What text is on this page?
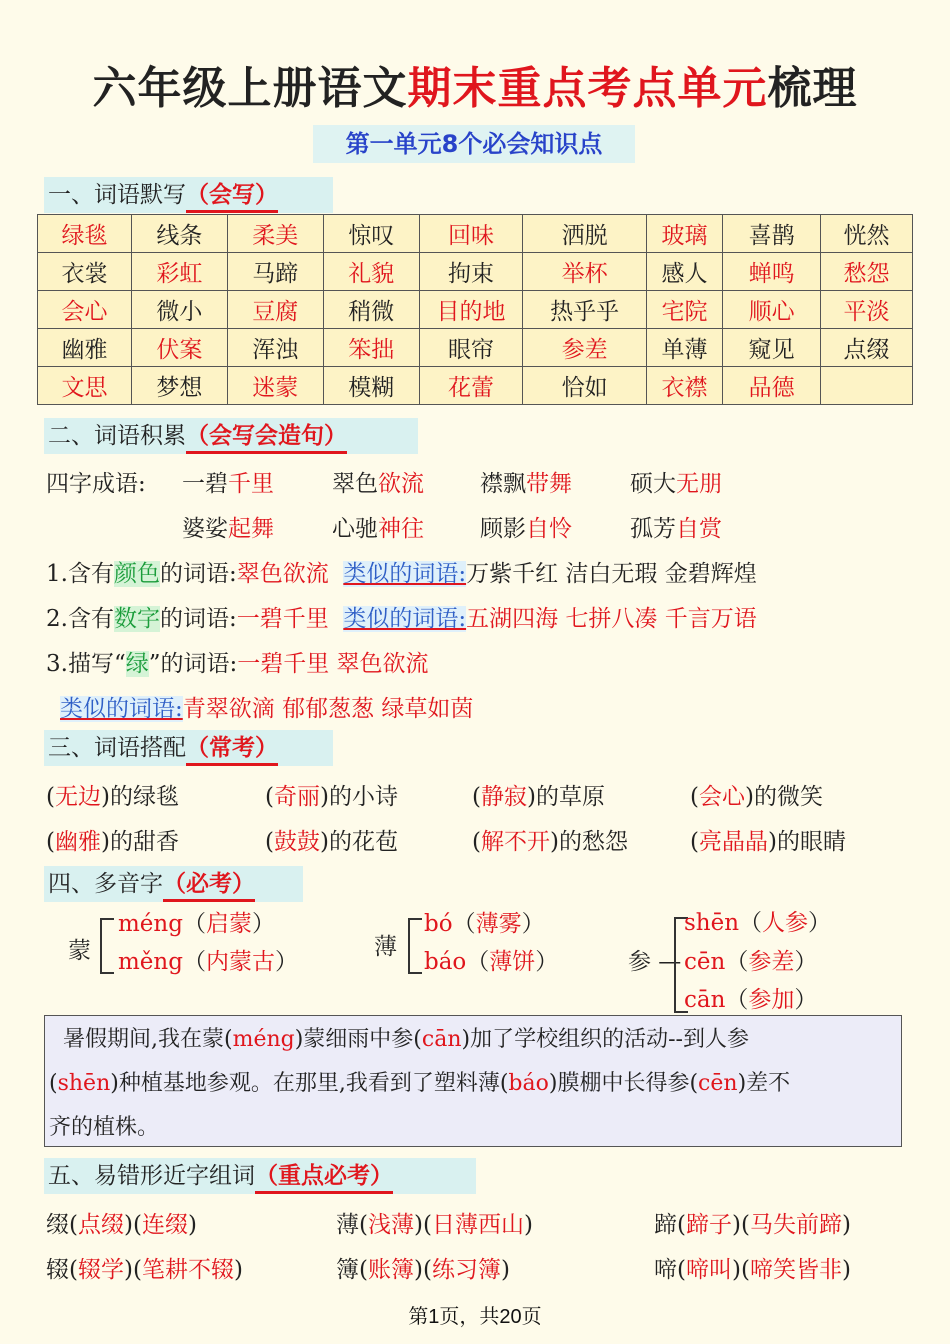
六年级上册语文期末重点考点单元梳理
第一单元8个必会知识点
一、词语默写（会写）
绿毯	线条	柔美	惊叹	回味	洒脱	玻璃	喜鹊	恍然
衣裳	彩虹	马蹄	礼貌	拘束	举杯	感人	蝉鸣	愁怨
会心	微小	豆腐	稍微	目的地	热乎乎	宅院	顺心	平淡
幽雅	伏案	浑浊	笨拙	眼帘	参差	单薄	窥见	点缀
文思	梦想	迷蒙	模糊	花蕾	恰如	衣襟	品德	
二、词语积累（会写会造句）
四字成语: 一碧千里	翠色欲流 襟飘带舞	硕大无朋
婆娑起舞	心驰神往 顾影自怜	孤芳自赏
1.含有颜色的词语:翠色欲流 类似的词语:万紫千红 洁白无瑕 金碧辉煌
2.含有数字的词语:一碧千里 类似的词语:五湖四海 七拼八凑 千言万语
3.描写“绿”的词语:一碧千里 翠色欲流
类似的词语:青翠欲滴 郁郁葱葱 绿草如茵
三、词语搭配（常考）
(无边)的绿毯	(奇丽)的小诗	(静寂)的草原	(会心)的微笑
(幽雅)的甜香	(鼓鼓)的花苞	(解不开)的愁怨	(亮晶晶)的眼睛
四、多音字（必考）
蒙
méng（启蒙）
měng（内蒙古）
薄
bó（薄雾）
báo（薄饼）	参 —
shēn（人参）
cēn（参差）
cān（参加）
暑假期间,我在蒙(méng)蒙细雨中参(cān)加了学校组织的活动--到人参
(shēn)种植基地参观。在那里,我看到了塑料薄(báo)膜棚中长得参(cēn)差不
齐的植株。
五、易错形近字组词（重点必考）
缀(点缀)(连缀)	薄(浅薄)(日薄西山)	蹄(蹄子)(马失前蹄)
辍(辍学)(笔耕不辍)	簿(账簿)(练习簿)	啼(啼叫)(啼笑皆非)
第1页，共20页
